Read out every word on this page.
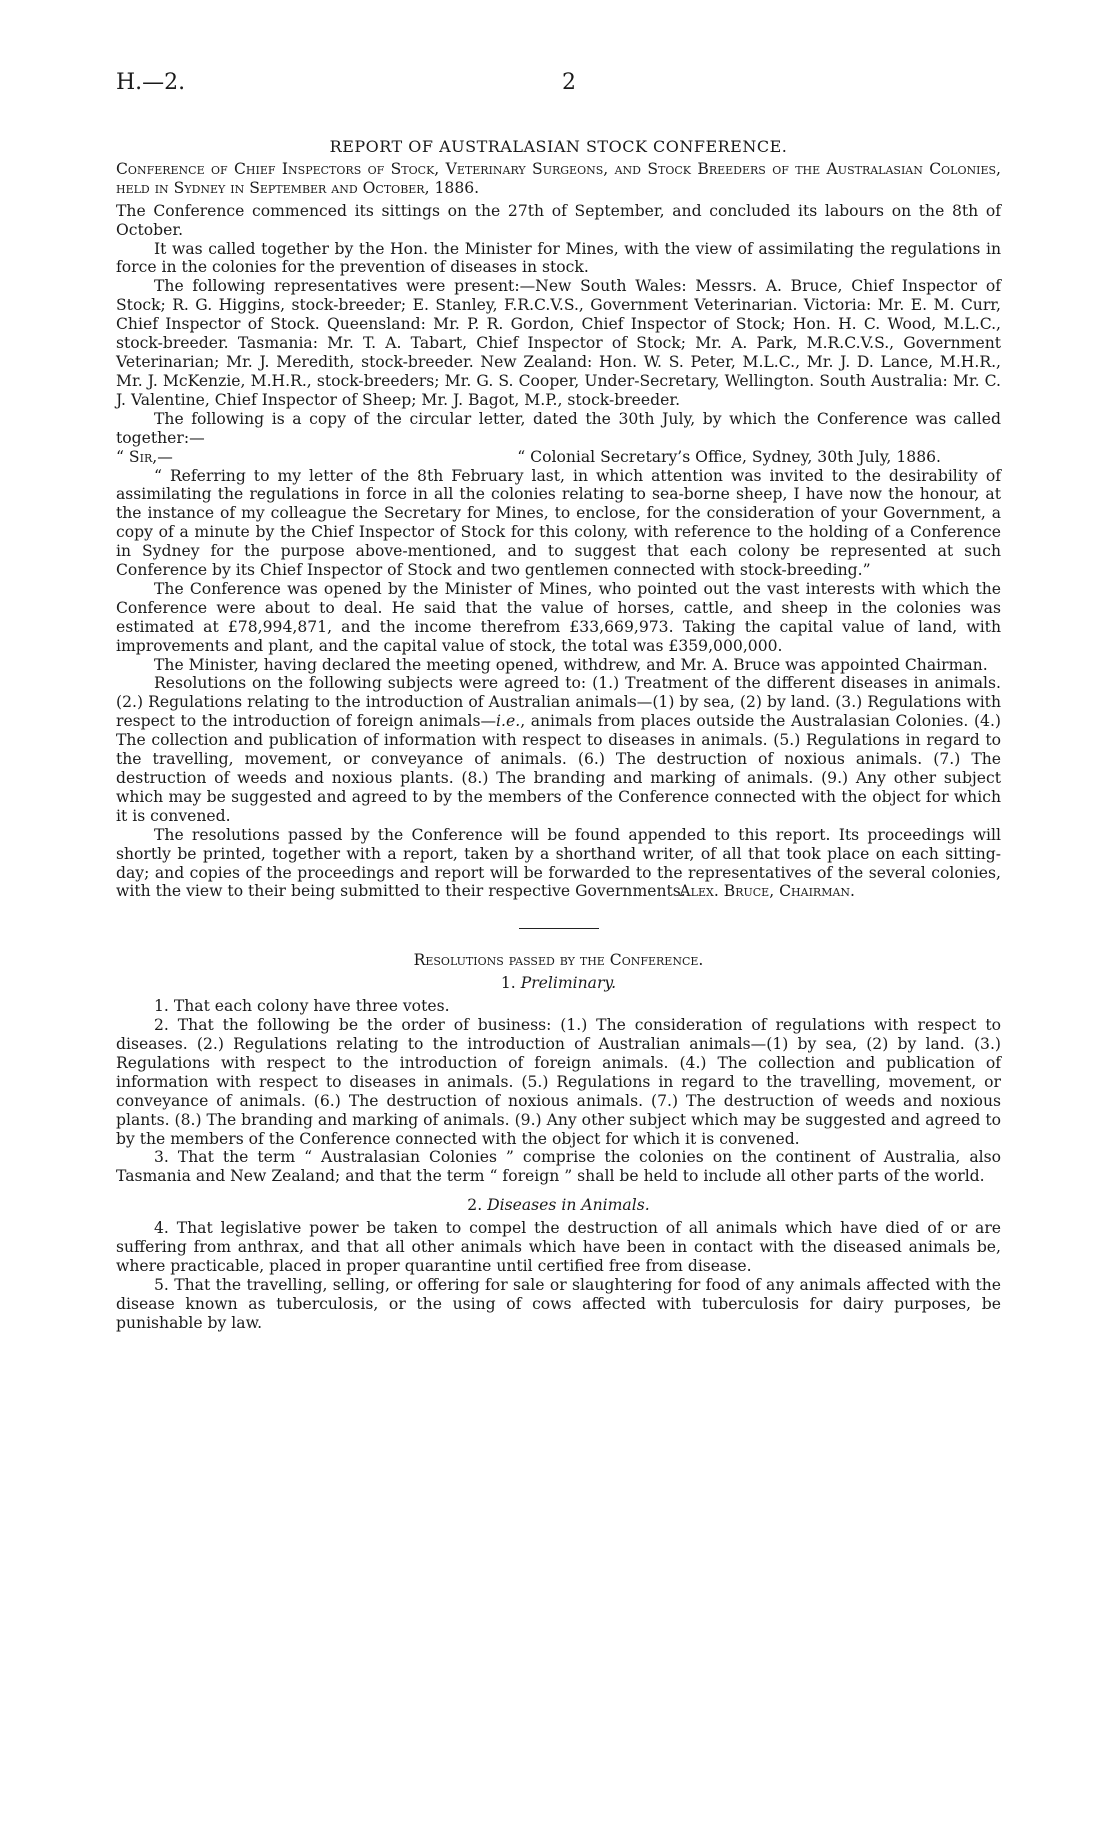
H.—2.	2

REPORT OF AUSTRALASIAN STOCK CONFERENCE.

Conference of Chief Inspectors of Stock, Veterinary Surgeons, and Stock Breeders of the Australasian Colonies, held in Sydney in September and October, 1886.

The Conference commenced its sittings on the 27th of September, and concluded its labours on the 8th of October.

It was called together by the Hon. the Minister for Mines, with the view of assimilating the regulations in force in the colonies for the prevention of diseases in stock.

The following representatives were present:—New South Wales: Messrs. A. Bruce, Chief Inspector of Stock; R. G. Higgins, stock-breeder; E. Stanley, F.R.C.V.S., Government Veterinarian. Victoria: Mr. E. M. Curr, Chief Inspector of Stock. Queensland: Mr. P. R. Gordon, Chief Inspector of Stock; Hon. H. C. Wood, M.L.C., stock-breeder. Tasmania: Mr. T. A. Tabart, Chief Inspector of Stock; Mr. A. Park, M.R.C.V.S., Government Veterinarian; Mr. J. Meredith, stock-breeder. New Zealand: Hon. W. S. Peter, M.L.C., Mr. J. D. Lance, M.H.R., Mr. J. McKenzie, M.H.R., stock-breeders; Mr. G. S. Cooper, Under-Secretary, Wellington. South Australia: Mr. C. J. Valentine, Chief Inspector of Sheep; Mr. J. Bagot, M.P., stock-breeder.

The following is a copy of the circular letter, dated the 30th July, by which the Conference was called together:—

“ Sir,—	“ Colonial Secretary’s Office, Sydney, 30th July, 1886.

“ Referring to my letter of the 8th February last, in which attention was invited to the desirability of assimilating the regulations in force in all the colonies relating to sea-borne sheep, I have now the honour, at the instance of my colleague the Secretary for Mines, to enclose, for the consideration of your Government, a copy of a minute by the Chief Inspector of Stock for this colony, with reference to the holding of a Conference in Sydney for the purpose above-mentioned, and to suggest that each colony be represented at such Conference by its Chief Inspector of Stock and two gentlemen connected with stock-breeding.”

The Conference was opened by the Minister of Mines, who pointed out the vast interests with which the Conference were about to deal. He said that the value of horses, cattle, and sheep in the colonies was estimated at £78,994,871, and the income therefrom £33,669,973. Taking the capital value of land, with improvements and plant, and the capital value of stock, the total was £359,000,000.

The Minister, having declared the meeting opened, withdrew, and Mr. A. Bruce was appointed Chairman.

Resolutions on the following subjects were agreed to: (1.) Treatment of the different diseases in animals. (2.) Regulations relating to the introduction of Australian animals—(1) by sea, (2) by land. (3.) Regulations with respect to the introduction of foreign animals—i.e., animals from places outside the Australasian Colonies. (4.) The collection and publication of information with respect to diseases in animals. (5.) Regulations in regard to the travelling, movement, or conveyance of animals. (6.) The destruction of noxious animals. (7.) The destruction of weeds and noxious plants. (8.) The branding and marking of animals. (9.) Any other subject which may be suggested and agreed to by the members of the Conference connected with the object for which it is convened.

The resolutions passed by the Conference will be found appended to this report. Its proceedings will shortly be printed, together with a report, taken by a shorthand writer, of all that took place on each sitting-day; and copies of the proceedings and report will be forwarded to the representatives of the several colonies, with the view to their being submitted to their respective Governments.

Alex. Bruce, Chairman.

Resolutions passed by the Conference.

1. Preliminary.

1. That each colony have three votes.

2. That the following be the order of business: (1.) The consideration of regulations with respect to diseases. (2.) Regulations relating to the introduction of Australian animals—(1) by sea, (2) by land. (3.) Regulations with respect to the introduction of foreign animals. (4.) The collection and publication of information with respect to diseases in animals. (5.) Regulations in regard to the travelling, movement, or conveyance of animals. (6.) The destruction of noxious animals. (7.) The destruction of weeds and noxious plants. (8.) The branding and marking of animals. (9.) Any other subject which may be suggested and agreed to by the members of the Conference connected with the object for which it is convened.

3. That the term “ Australasian Colonies ” comprise the colonies on the continent of Australia, also Tasmania and New Zealand; and that the term “ foreign ” shall be held to include all other parts of the world.

2. Diseases in Animals.

4. That legislative power be taken to compel the destruction of all animals which have died of or are suffering from anthrax, and that all other animals which have been in contact with the diseased animals be, where practicable, placed in proper quarantine until certified free from disease.

5. That the travelling, selling, or offering for sale or slaughtering for food of any animals affected with the disease known as tuberculosis, or the using of cows affected with tuberculosis for dairy purposes, be punishable by law.
